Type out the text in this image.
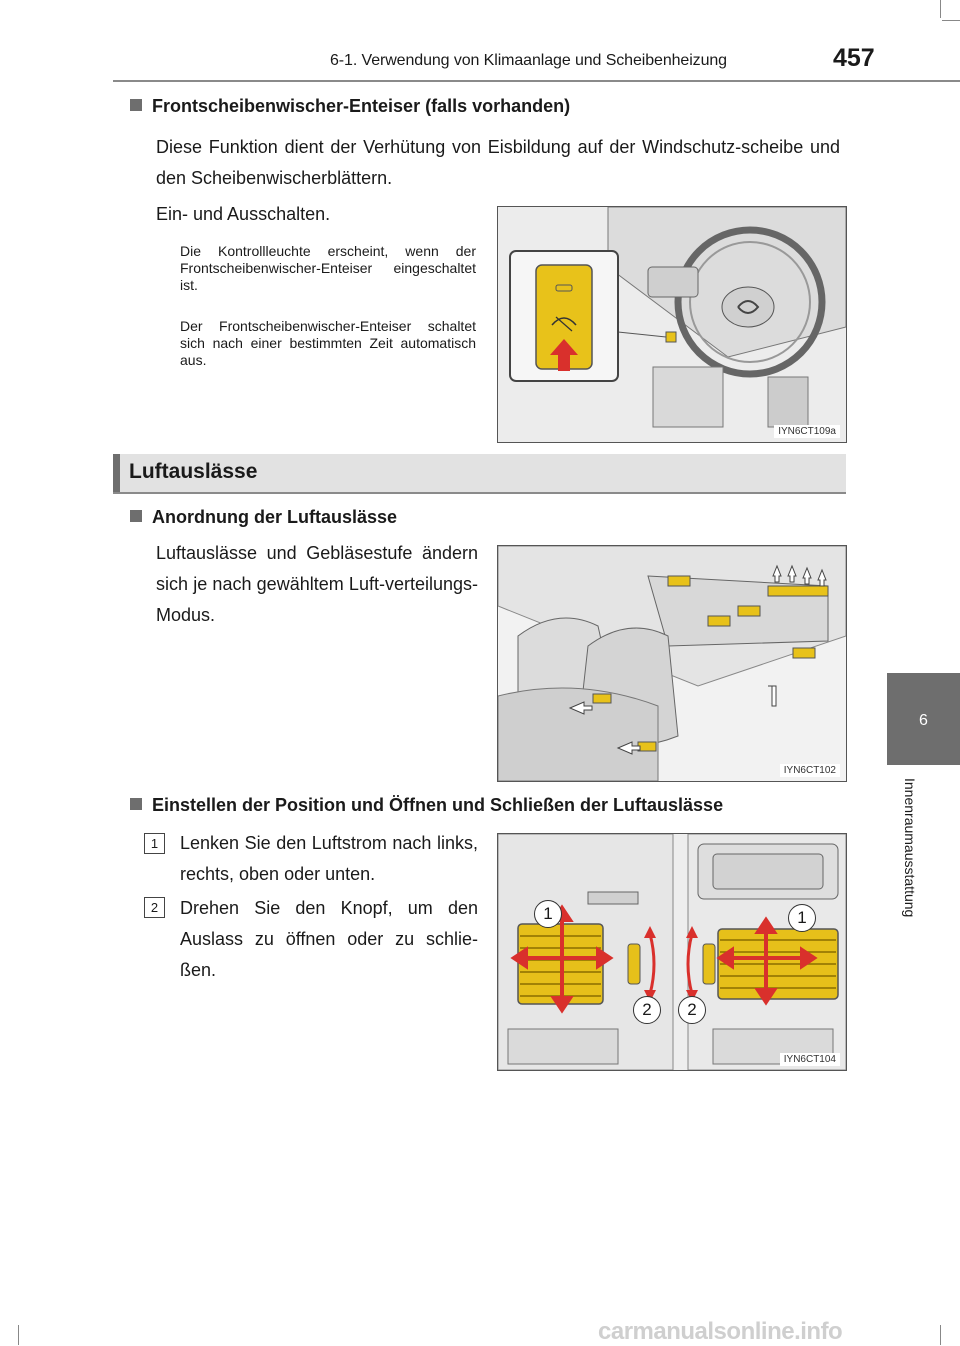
6-1. Verwendung von Klimaanlage und Scheibenheizung	457
6
Innenraumausstattung
Frontscheibenwischer-Enteiser (falls vorhanden)
Diese Funktion dient der Verhütung von Eisbildung auf der Windschutz-scheibe und den Scheibenwischerblättern.
Ein- und Ausschalten.
Die Kontrollleuchte erscheint, wenn der Frontscheibenwischer-Enteiser eingeschaltet ist.
Der Frontscheibenwischer-Enteiser schaltet sich nach einer bestimmten Zeit automatisch aus.
IYN6CT109a
Luftauslässe
Anordnung der Luftauslässe
Luftauslässe und Gebläsestufe ändern sich je nach gewähltem Luft-verteilungs-Modus.
IYN6CT102
Einstellen der Position und Öffnen und Schließen der Luftauslässe
1	Lenken Sie den Luftstrom nach links, rechts, oben oder unten.
2	Drehen Sie den Knopf, um den Auslass zu öffnen oder zu schlie-ßen.
1	1
2	2
IYN6CT104
carmanualsonline.info
